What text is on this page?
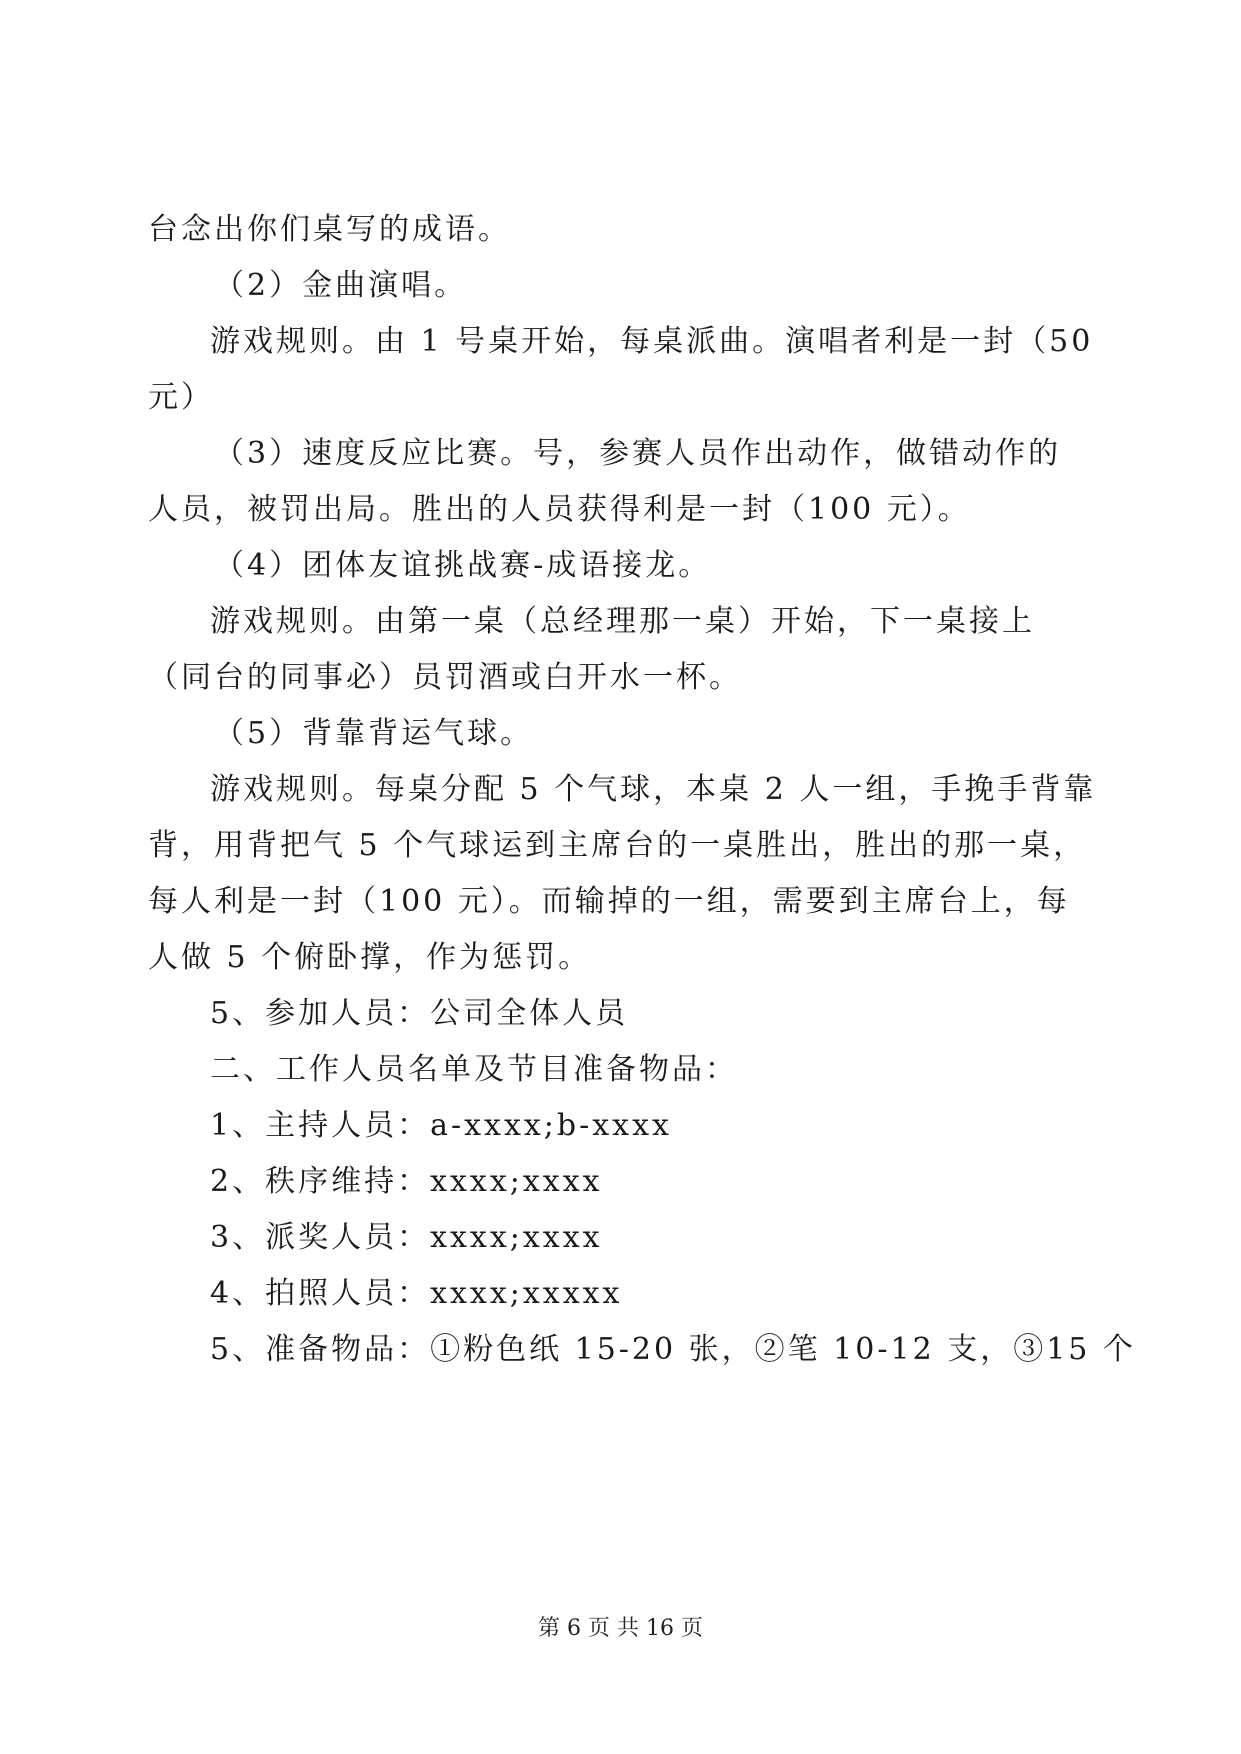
台念出你们桌写的成语。
（2）金曲演唱。
游戏规则。由 1 号桌开始，每桌派曲。演唱者利是一封（50
元）
（3）速度反应比赛。号，参赛人员作出动作，做错动作的
人员，被罚出局。胜出的人员获得利是一封（100 元）。
（4）团体友谊挑战赛-成语接龙。
游戏规则。由第一桌（总经理那一桌）开始，下一桌接上
（同台的同事必）员罚酒或白开水一杯。
（5）背靠背运气球。
游戏规则。每桌分配 5 个气球，本桌 2 人一组，手挽手背靠
背，用背把气 5 个气球运到主席台的一桌胜出，胜出的那一桌，
每人利是一封（100 元）。而输掉的一组，需要到主席台上，每
人做 5 个俯卧撑，作为惩罚。
5、参加人员：公司全体人员
二、工作人员名单及节目准备物品：
1、主持人员：a-xxxx;b-xxxx
2、秩序维持：xxxx;xxxx
3、派奖人员：xxxx;xxxx
4、拍照人员：xxxx;xxxxx
5、准备物品：①粉色纸 15-20 张，②笔 10-12 支，③15 个
第 6 页 共 16 页
